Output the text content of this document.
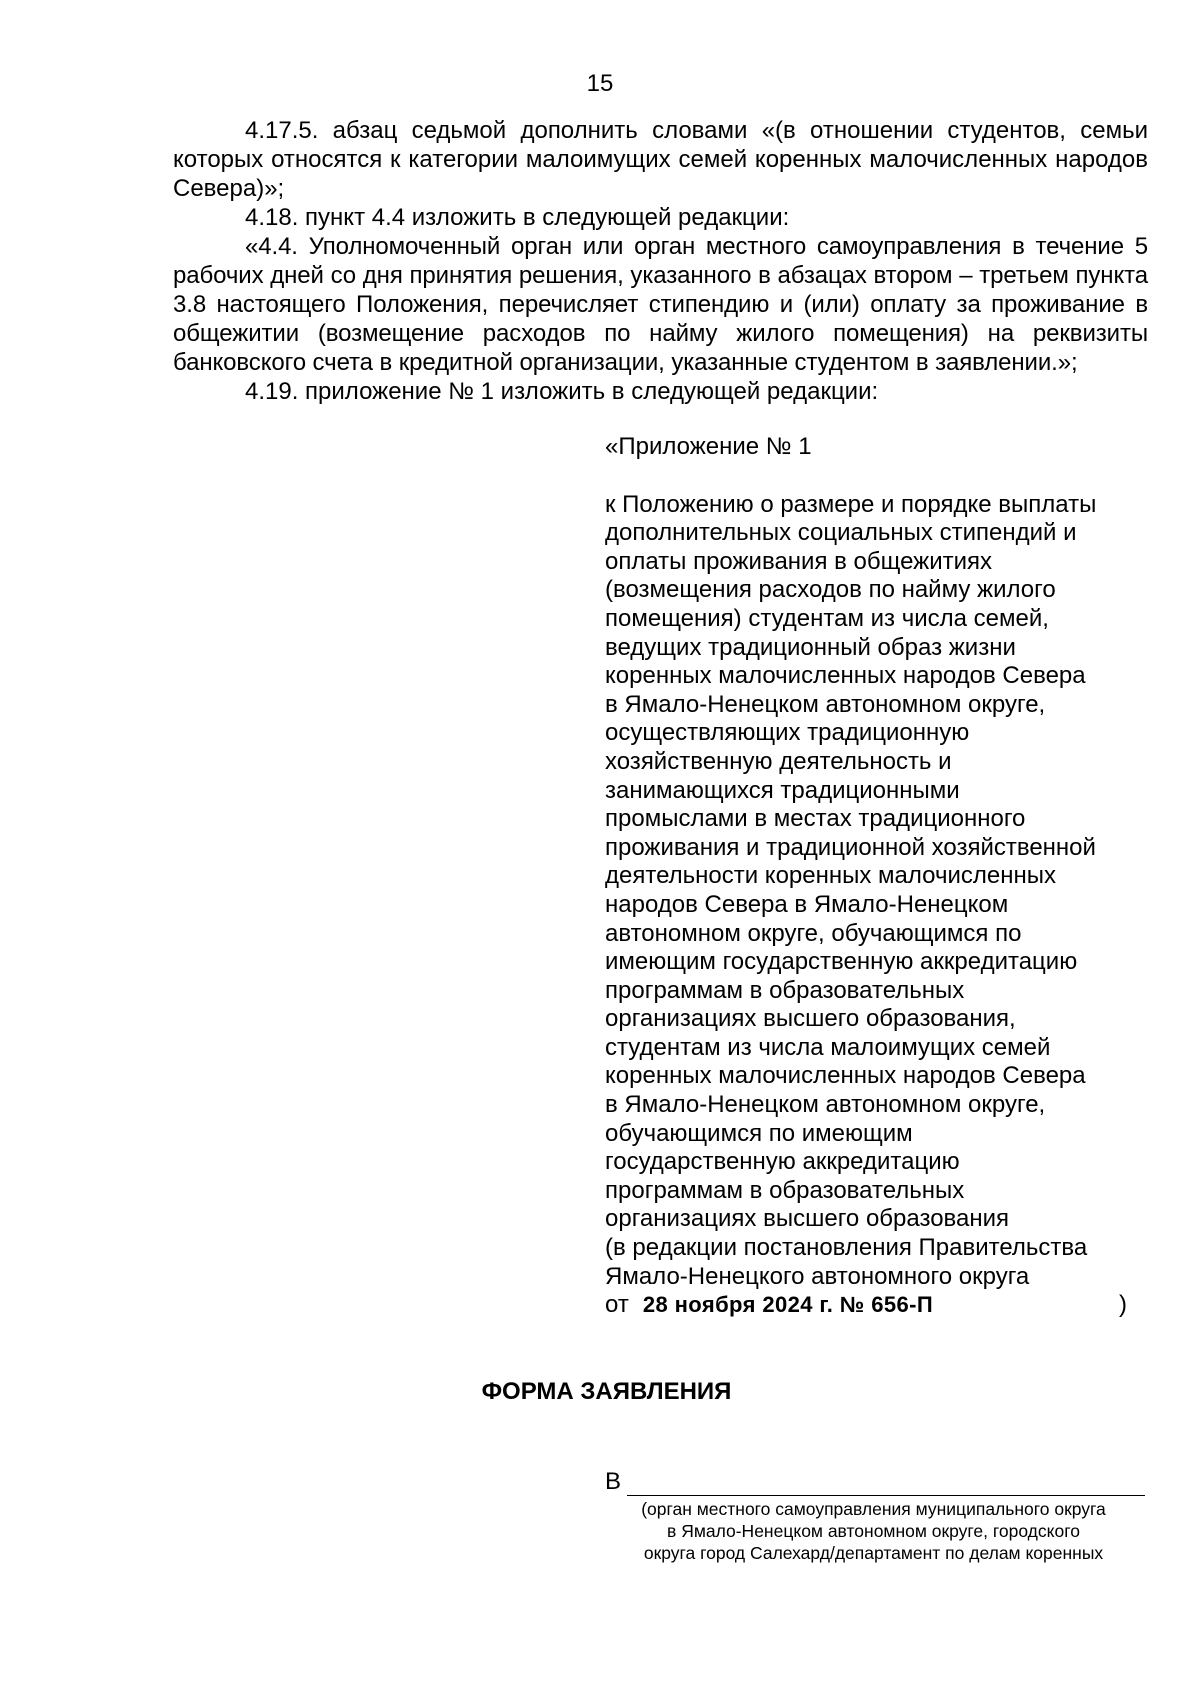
15

4.17.5. абзац седьмой дополнить словами «(в отношении студентов, семьи которых относятся к категории малоимущих семей коренных малочисленных народов Севера)»;

4.18. пункт 4.4 изложить в следующей редакции:

«4.4. Уполномоченный орган или орган местного самоуправления в течение 5 рабочих дней со дня принятия решения, указанного в абзацах втором – третьем пункта 3.8 настоящего Положения, перечисляет стипендию и (или) оплату за проживание в общежитии (возмещение расходов по найму жилого помещения) на реквизиты банковского счета в кредитной организации, указанные студентом в заявлении.»;

4.19. приложение № 1 изложить в следующей редакции:

«Приложение № 1

к Положению о размере и порядке выплаты
дополнительных социальных стипендий и
оплаты проживания в общежитиях
(возмещения расходов по найму жилого
помещения) студентам из числа семей,
ведущих традиционный образ жизни
коренных малочисленных народов Севера
в Ямало-Ненецком автономном округе,
осуществляющих традиционную
хозяйственную деятельность и
занимающихся традиционными
промыслами в местах традиционного
проживания и традиционной хозяйственной
деятельности коренных малочисленных
народов Севера в Ямало-Ненецком
автономном округе, обучающимся по
имеющим государственную аккредитацию
программам в образовательных
организациях высшего образования,
студентам из числа малоимущих семей
коренных малочисленных народов Севера
в Ямало-Ненецком автономном округе,
обучающимся по имеющим
государственную аккредитацию
программам в образовательных
организациях высшего образования
(в редакции постановления Правительства
Ямало-Ненецкого автономного округа
от 28 ноября 2024 г. № 656-П	)
ФОРМА ЗАЯВЛЕНИЯ
В
(орган местного самоуправления муниципального округа
в Ямало-Ненецком автономном округе, городского
округа город Салехард/департамент по делам коренных
